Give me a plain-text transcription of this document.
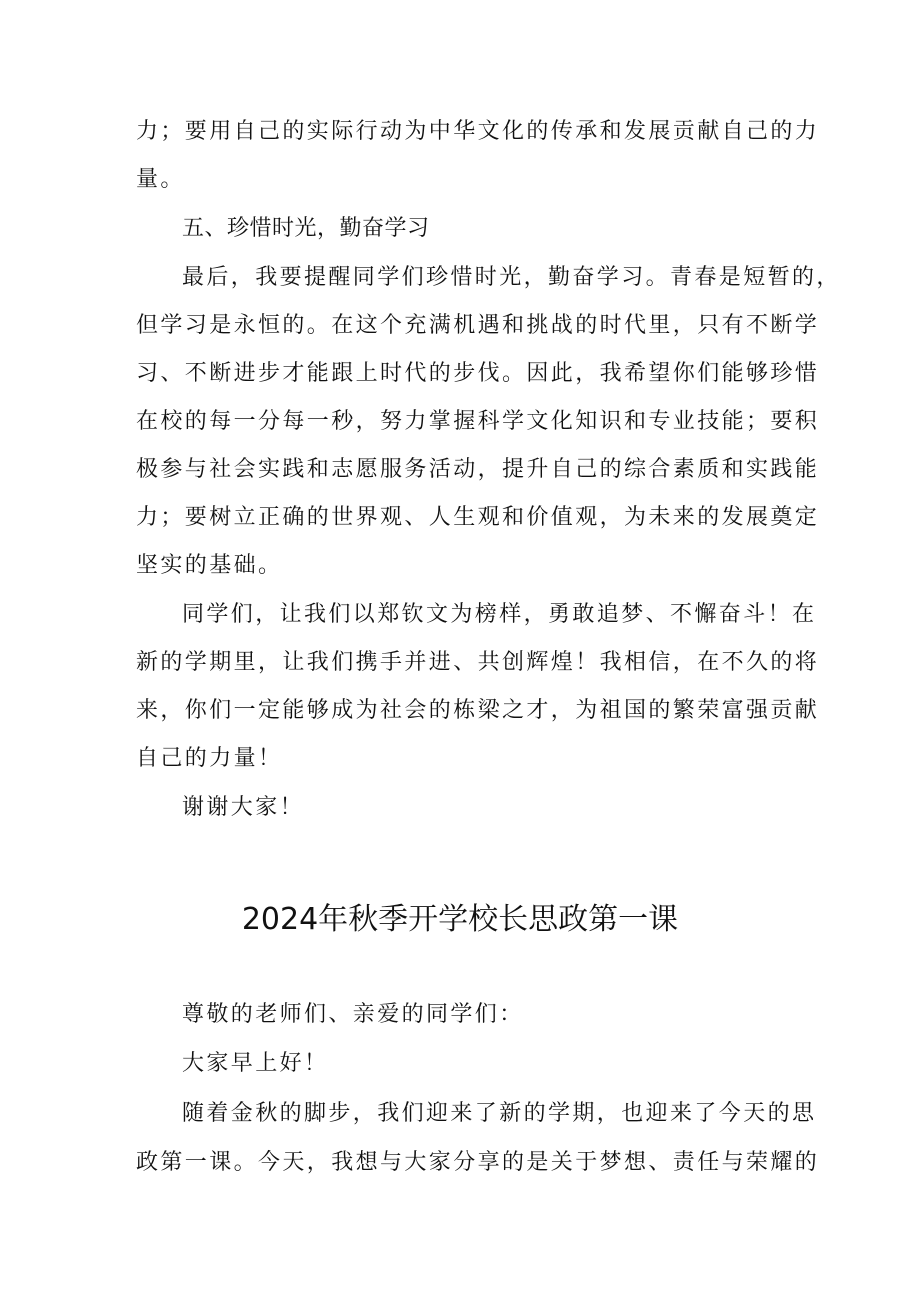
力；要用自己的实际行动为中华文化的传承和发展贡献自己的力
量。
五、珍惜时光，勤奋学习
最后，我要提醒同学们珍惜时光，勤奋学习。青春是短暂的，
但学习是永恒的。在这个充满机遇和挑战的时代里，只有不断学
习、不断进步才能跟上时代的步伐。因此，我希望你们能够珍惜
在校的每一分每一秒，努力掌握科学文化知识和专业技能；要积
极参与社会实践和志愿服务活动，提升自己的综合素质和实践能
力；要树立正确的世界观、人生观和价值观，为未来的发展奠定
坚实的基础。
同学们，让我们以郑钦文为榜样，勇敢追梦、不懈奋斗！在
新的学期里，让我们携手并进、共创辉煌！我相信，在不久的将
来，你们一定能够成为社会的栋梁之才，为祖国的繁荣富强贡献
自己的力量！
谢谢大家！
2024年秋季开学校长思政第一课
尊敬的老师们、亲爱的同学们：
大家早上好！
随着金秋的脚步，我们迎来了新的学期，也迎来了今天的思
政第一课。今天，我想与大家分享的是关于梦想、责任与荣耀的
